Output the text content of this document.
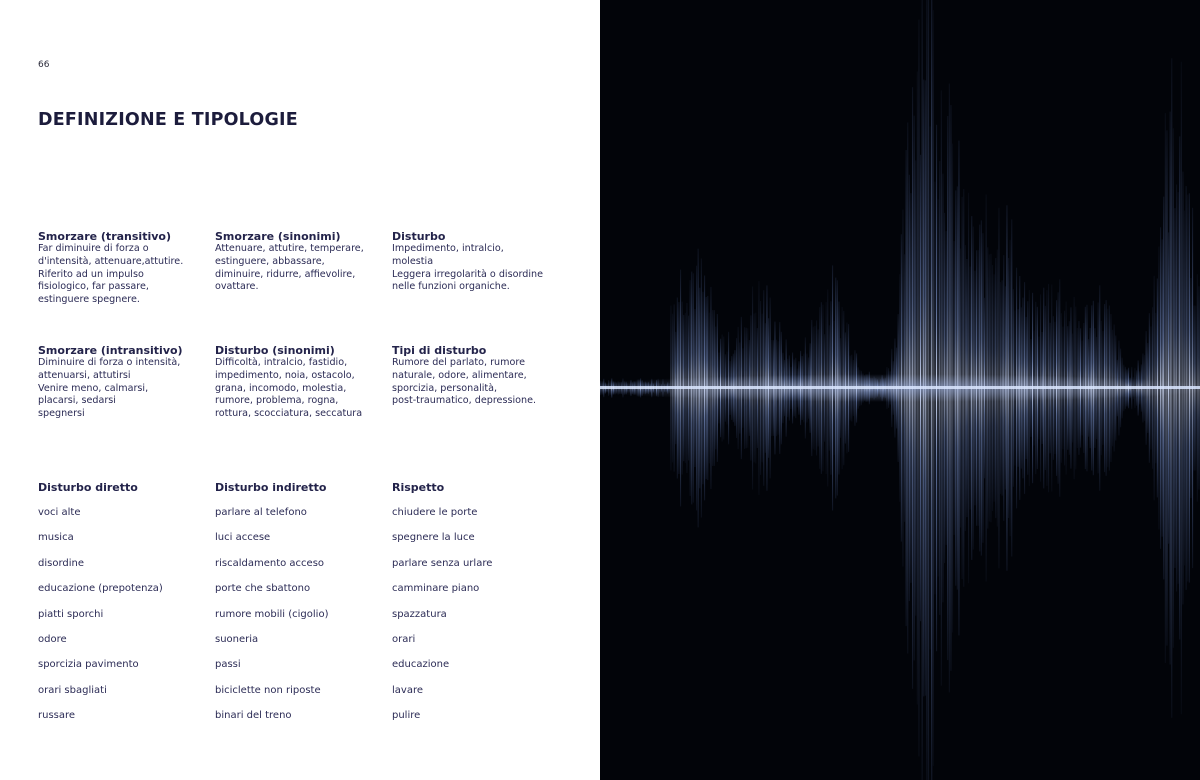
66
DEFINIZIONE E TIPOLOGIE
Smorzare (transitivo)
Far diminuire di forza o
d'intensità, attenuare,attutire.
Riferito ad un impulso
fisiologico, far passare,
estinguere spegnere.
Smorzare (sinonimi)
Attenuare, attutire, temperare,
estinguere, abbassare,
diminuire, ridurre, affievolire,
ovattare.
Disturbo
Impedimento, intralcio,
molestia
Leggera irregolarità o disordine
nelle funzioni organiche.
Smorzare (intransitivo)
Diminuire di forza o intensità,
attenuarsi, attutirsi
Venire meno, calmarsi,
placarsi, sedarsi
spegnersi
Disturbo (sinonimi)
Difficoltà, intralcio, fastidio,
impedimento, noia, ostacolo,
grana, incomodo, molestia,
rumore, problema, rogna,
rottura, scocciatura, seccatura
Tipi di disturbo
Rumore del parlato, rumore
naturale, odore, alimentare,
sporcizia, personalità,
post-traumatico, depressione.
Disturbo diretto
voci alte
musica
disordine
educazione (prepotenza)
piatti sporchi
odore
sporcizia pavimento
orari sbagliati
russare
Disturbo indiretto
parlare al telefono
luci accese
riscaldamento acceso
porte che sbattono
rumore mobili (cigolio)
suoneria
passi
biciclette non riposte
binari del treno
Rispetto
chiudere le porte
spegnere la luce
parlare senza urlare
camminare piano
spazzatura
orari
educazione
lavare
pulire
